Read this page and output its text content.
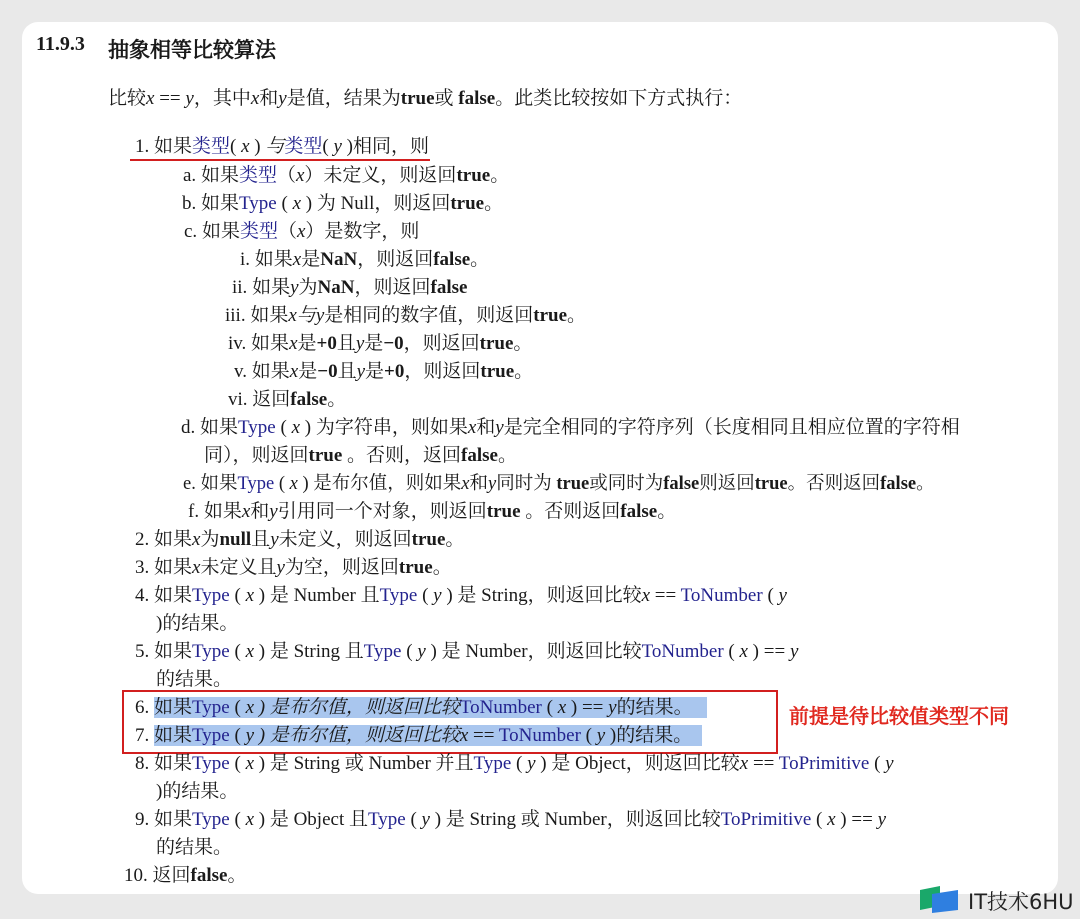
11.9.3 抽象相等比较算法
比较x == y，其中x和y是值，结果为true或 false。此类比较按如下方式执行：
1. 如果类型( x ) 与类型( y )相同，则
a. 如果类型（x）未定义，则返回true。
b. 如果Type ( x ) 为 Null，则返回true。
c. 如果类型（x）是数字，则
i. 如果x是NaN，则返回false。
ii. 如果y为NaN，则返回false
iii. 如果x与y是相同的数字值，则返回true。
iv. 如果x是+0且y是−0，则返回true。
v. 如果x是−0且y是+0，则返回true。
vi. 返回false。
d. 如果Type ( x ) 为字符串，则如果x和y是完全相同的字符序列（长度相同且相应位置的字符相
同），则返回true 。否则，返回false。
e. 如果Type ( x ) 是布尔值，则如果x和y同时为 true或同时为false则返回true。否则返回false。
f. 如果x和y引用同一个对象，则返回true 。否则返回false。
2. 如果x为null且y未定义，则返回true。
3. 如果x未定义且y为空，则返回true。
4. 如果Type ( x ) 是 Number 且Type ( y ) 是 String，则返回比较x == ToNumber ( y
)的结果。
5. 如果Type ( x ) 是 String 且Type ( y ) 是 Number，则返回比较ToNumber ( x ) == y
的结果。
6. 如果Type ( x ) 是布尔值，则返回比较ToNumber ( x ) == y的结果。
7. 如果Type ( y ) 是布尔值，则返回比较x == ToNumber ( y )的结果。
前提是待比较值类型不同
8. 如果Type ( x ) 是 String 或 Number 并且Type ( y ) 是 Object，则返回比较x == ToPrimitive ( y
)的结果。
9. 如果Type ( x ) 是 Object 且Type ( y ) 是 String 或 Number，则返回比较ToPrimitive ( x ) == y
的结果。
10. 返回false。
IT技术6HU
